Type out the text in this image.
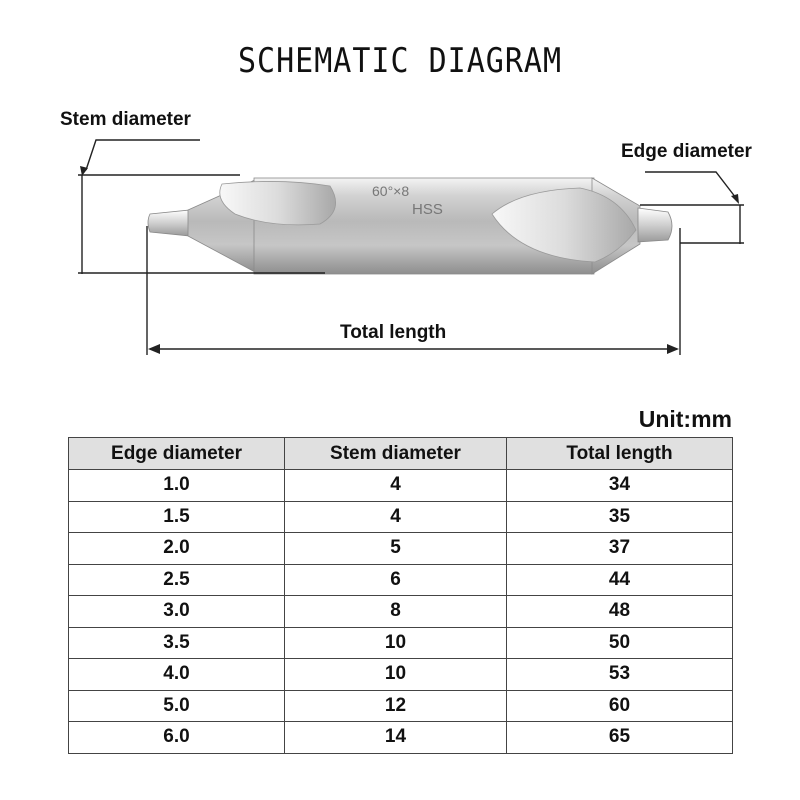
SCHEMATIC DIAGRAM
60°×8
HSS
Stem diameter
Edge diameter
Total length
Unit:mm
Edge diameter	Stem diameter	Total length
1.0	4	34
1.5	4	35
2.0	5	37
2.5	6	44
3.0	8	48
3.5	10	50
4.0	10	53
5.0	12	60
6.0	14	65
